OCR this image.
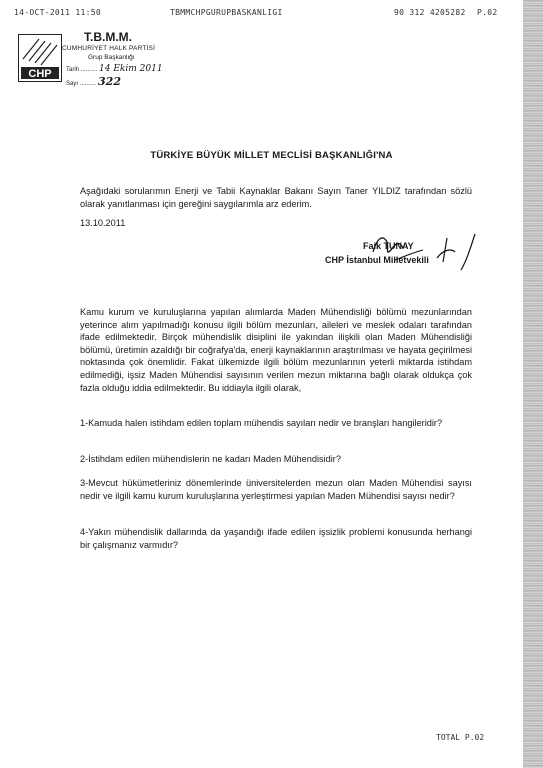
14-OCT-2011 11:50	TBMMCHPGURUPBASKANLIGI	90 312 4205282 P.02
CHP
T.B.M.M.
CUMHURİYET HALK PARTİSİ
Grup Başkanlığı
Tarih .......... 14 Ekim 2011
Sayı .......... 322
TÜRKİYE BÜYÜK MİLLET MECLİSİ BAŞKANLIĞI'NA
Aşağıdaki sorularımın Enerji ve Tabii Kaynaklar Bakanı Sayın Taner YILDIZ tarafından sözlü olarak yanıtlanması için gereğini saygılarımla arz ederim.
13.10.2011
Faik TUNAY
CHP İstanbul Milletvekili
Kamu kurum ve kuruluşlarına yapılan alımlarda Maden Mühendisliği bölümü mezunlarından yeterince alım yapılmadığı konusu ilgili bölüm mezunları, aileleri ve meslek odaları tarafından ifade edilmektedir. Birçok mühendislik disiplini ile yakından ilişkili olan Maden Mühendisliği bölümü, üretimin azaldığı bir coğrafya'da, enerji kaynaklarının araştırılması ve hayata geçirilmesi noktasında çok önemlidir. Fakat ülkemizde ilgili bölüm mezunlarının yeterli miktarda istihdam edilmediği, işsiz Maden Mühendisi sayısının verilen mezun miktarına bağlı olarak oldukça çok fazla olduğu iddia edilmektedir. Bu iddiayla ilgili olarak,
1-Kamuda halen istihdam edilen toplam mühendis sayıları nedir ve branşları hangileridir?
2-İstihdam edilen mühendislerin ne kadarı Maden Mühendisidir?
3-Mevcut hükümetleriniz dönemlerinde üniversitelerden mezun olan Maden Mühendisi sayısı nedir ve ilgili kamu kurum kuruluşlarına yerleştirmesi yapılan Maden Mühendisi sayısı nedir?
4-Yakın mühendislik dallarında da yaşandığı ifade edilen işsizlik problemi konusunda herhangi bir çalışmanız varmıdır?
TOTAL P.02
